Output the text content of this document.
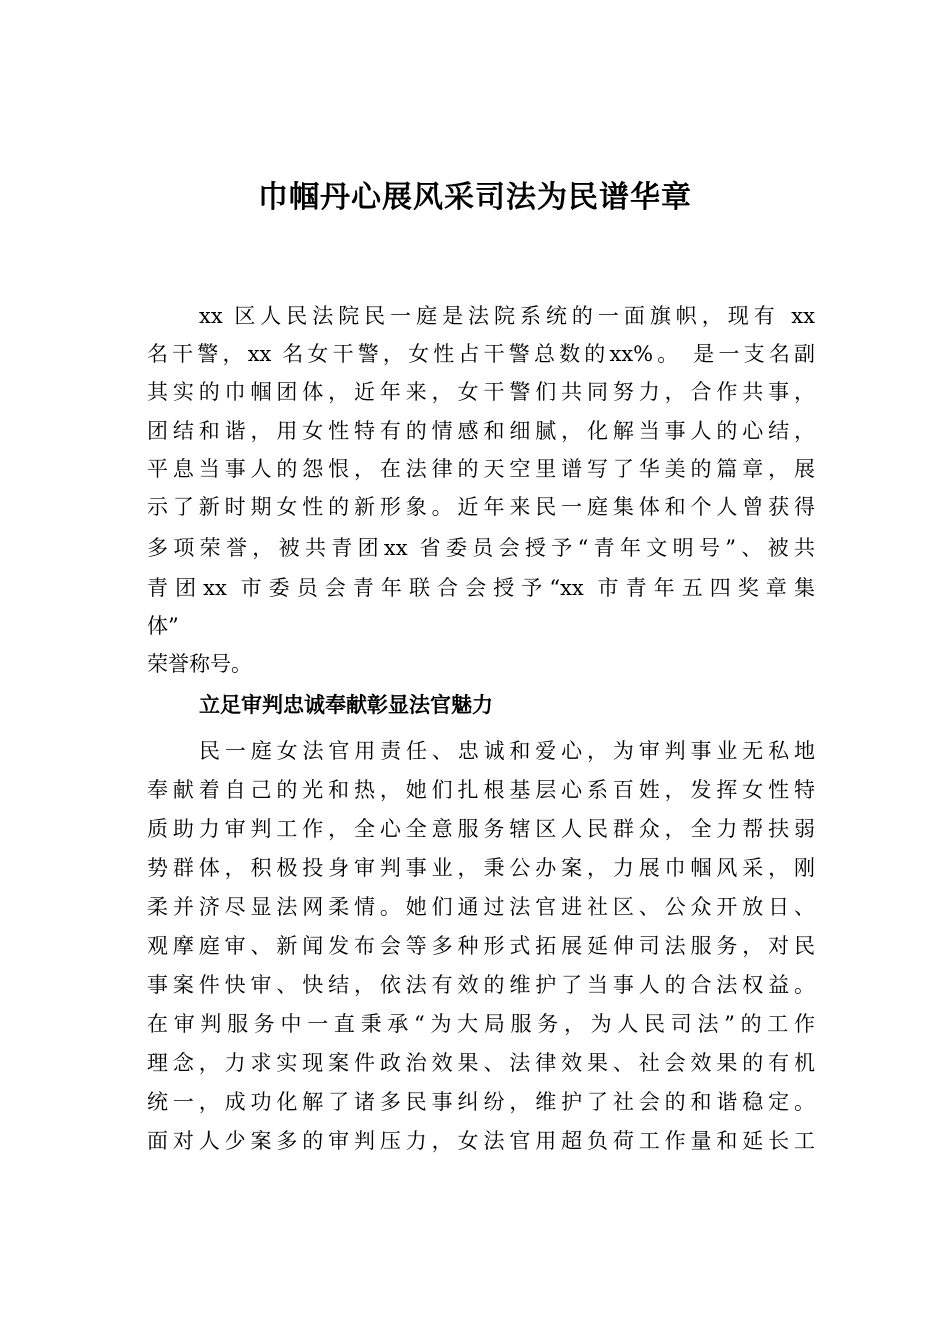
巾帼丹心展风采司法为民谱华章
xx 区人民法院民一庭是法院系统的一面旗帜，现有 xx
名干警，xx 名女干警，女性占干警总数的xx%。 是一支名副
其实的巾帼团体，近年来，女干警们共同努力，合作共事，
团结和谐，用女性特有的情感和细腻，化解当事人的心结，
平息当事人的怨恨，在法律的天空里谱写了华美的篇章，展
示了新时期女性的新形象。近年来民一庭集体和个人曾获得
多项荣誉，被共青团xx 省委员会授予“青年文明号”、被共
青团xx 市委员会青年联合会授予“xx 市青年五四奖章集
体”
荣誉称号。
立足审判忠诚奉献彰显法官魅力
民一庭女法官用责任、忠诚和爱心，为审判事业无私地
奉献着自己的光和热，她们扎根基层心系百姓，发挥女性特
质助力审判工作，全心全意服务辖区人民群众，全力帮扶弱
势群体，积极投身审判事业，秉公办案，力展巾帼风采，刚
柔并济尽显法网柔情。她们通过法官进社区、公众开放日、
观摩庭审、新闻发布会等多种形式拓展延伸司法服务，对民
事案件快审、快结，依法有效的维护了当事人的合法权益。
在审判服务中一直秉承“为大局服务，为人民司法”的工作
理念，力求实现案件政治效果、法律效果、社会效果的有机
统一，成功化解了诸多民事纠纷，维护了社会的和谐稳定。
面对人少案多的审判压力，女法官用超负荷工作量和延长工
